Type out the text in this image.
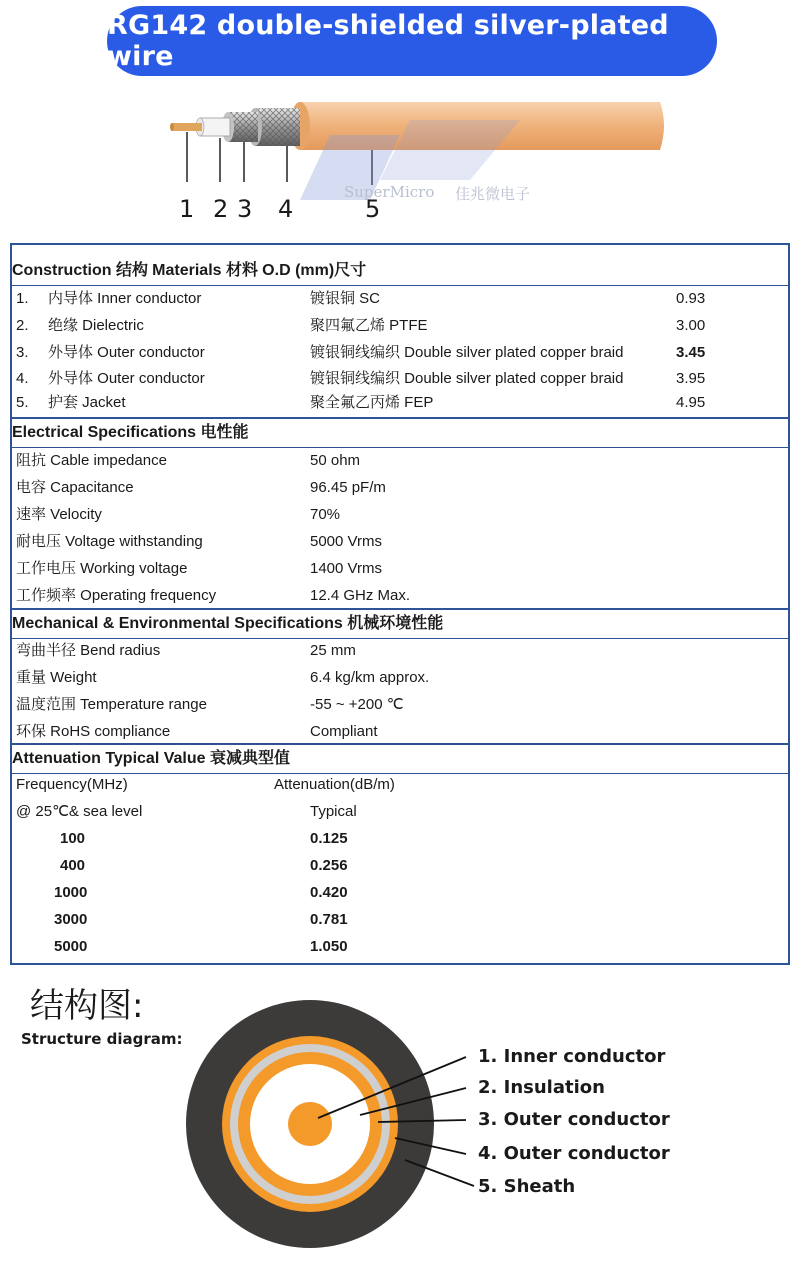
RG142 double-shielded silver-plated wire
SuperMicro 佳兆微电子
1 2 3 4	5
Construction 结构 Materials 材料 O.D (mm)尺寸
1. 内导体 Inner conductor	镀银铜 SC	0.93
2. 绝缘 Dielectric	聚四氟乙烯 PTFE	3.00
3. 外导体 Outer conductor	镀银铜线编织 Double silver plated copper braid	3.45
4. 外导体 Outer conductor	镀银铜线编织 Double silver plated copper braid	3.95
5. 护套 Jacket	聚全氟乙丙烯 FEP	4.95
Electrical Specifications 电性能
阻抗 Cable impedance	50 ohm
电容 Capacitance	96.45 pF/m
速率 Velocity	70%
耐电压 Voltage withstanding	5000 Vrms
工作电压 Working voltage	1400 Vrms
工作频率 Operating frequency	12.4 GHz Max.
Mechanical & Environmental Specifications 机械环境性能
弯曲半径 Bend radius	25 mm
重量 Weight	6.4 kg/km approx.
温度范围 Temperature range	-55 ~ +200 ℃
环保 RoHS compliance	Compliant
Attenuation Typical Value 衰减典型值
Frequency(MHz)	Attenuation(dB/m)
@ 25℃& sea level	Typical
100	0.125
400	0.256
1000	0.420
3000	0.781
5000	1.050
结构图:
Structure diagram:
1. Inner conductor
2. Insulation
3. Outer conductor
4. Outer conductor
5. Sheath
